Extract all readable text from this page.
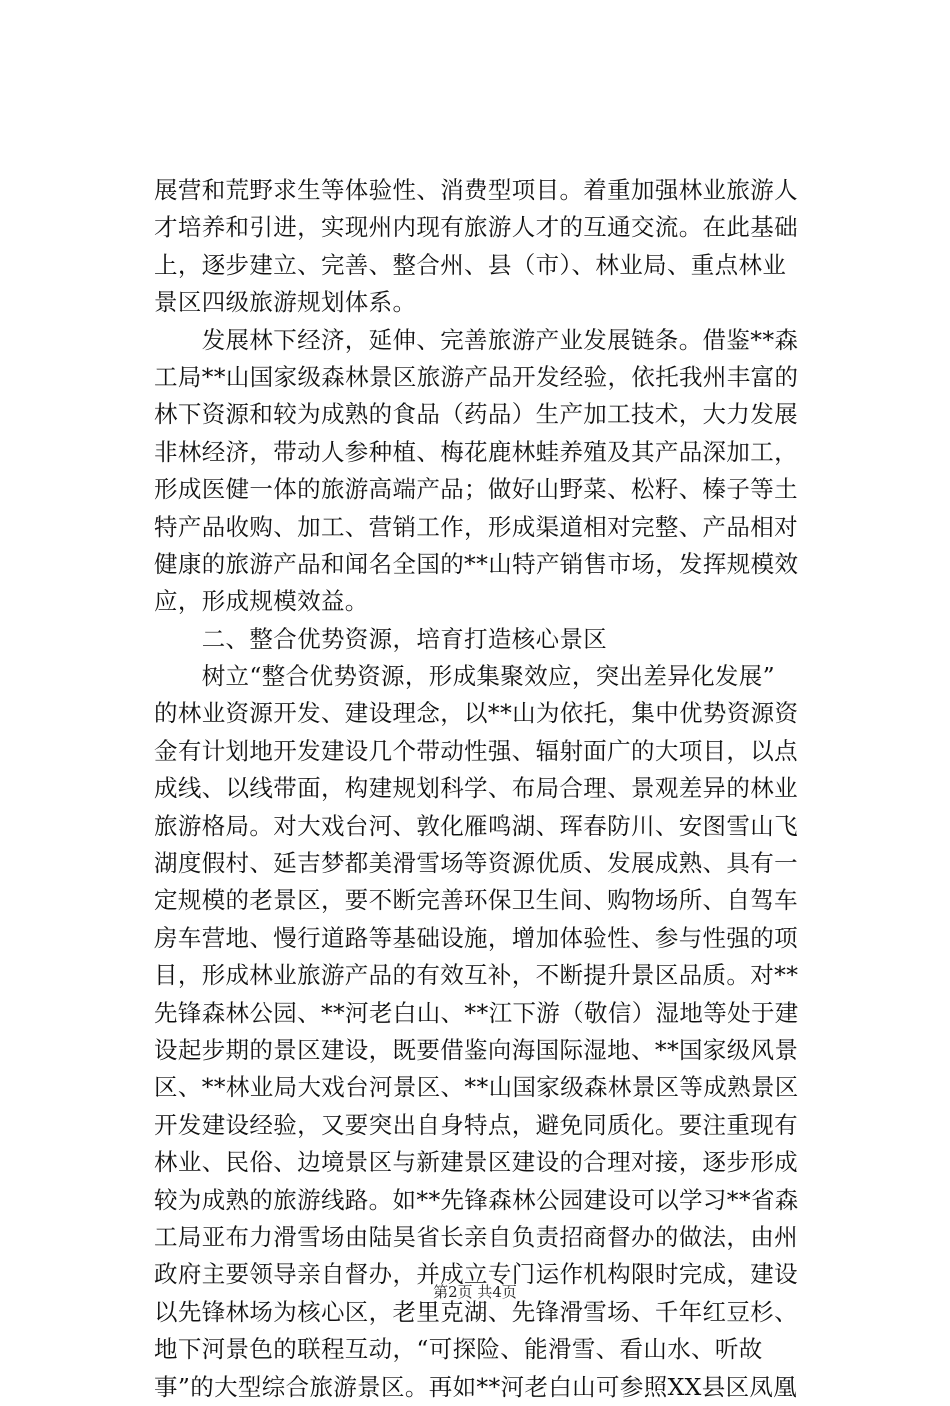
展营和荒野求生等体验性、消费型项目。着重加强林业旅游人
才培养和引进，实现州内现有旅游人才的互通交流。在此基础
上，逐步建立、完善、整合州、县（市）、林业局、重点林业
景区四级旅游规划体系。
　　发展林下经济，延伸、完善旅游产业发展链条。借鉴**森
工局**山国家级森林景区旅游产品开发经验，依托我州丰富的
林下资源和较为成熟的食品（药品）生产加工技术，大力发展
非林经济，带动人参种植、梅花鹿林蛙养殖及其产品深加工，
形成医健一体的旅游高端产品；做好山野菜、松籽、榛子等土
特产品收购、加工、营销工作，形成渠道相对完整、产品相对
健康的旅游产品和闻名全国的**山特产销售市场，发挥规模效
应，形成规模效益。
　　二、整合优势资源，培育打造核心景区
　　树立“整合优势资源，形成集聚效应，突出差异化发展”
的林业资源开发、建设理念，以**山为依托，集中优势资源资
金有计划地开发建设几个带动性强、辐射面广的大项目，以点
成线、以线带面，构建规划科学、布局合理、景观差异的林业
旅游格局。对大戏台河、敦化雁鸣湖、珲春防川、安图雪山飞
湖度假村、延吉梦都美滑雪场等资源优质、发展成熟、具有一
定规模的老景区，要不断完善环保卫生间、购物场所、自驾车
房车营地、慢行道路等基础设施，增加体验性、参与性强的项
目，形成林业旅游产品的有效互补，不断提升景区品质。对**
先锋森林公园、**河老白山、**江下游（敬信）湿地等处于建
设起步期的景区建设，既要借鉴向海国际湿地、**国家级风景
区、**林业局大戏台河景区、**山国家级森林景区等成熟景区
开发建设经验，又要突出自身特点，避免同质化。要注重现有
林业、民俗、边境景区与新建景区建设的合理对接，逐步形成
较为成熟的旅游线路。如**先锋森林公园建设可以学习**省森
工局亚布力滑雪场由陆昊省长亲自负责招商督办的做法，由州
政府主要领导亲自督办，并成立专门运作机构限时完成，建设
以先锋林场为核心区，老里克湖、先锋滑雪场、千年红豆杉、
地下河景色的联程互动，“可探险、能滑雪、看山水、听故
事”的大型综合旅游景区。再如**河老白山可参照XX县区凤凰
第2页 共4页
